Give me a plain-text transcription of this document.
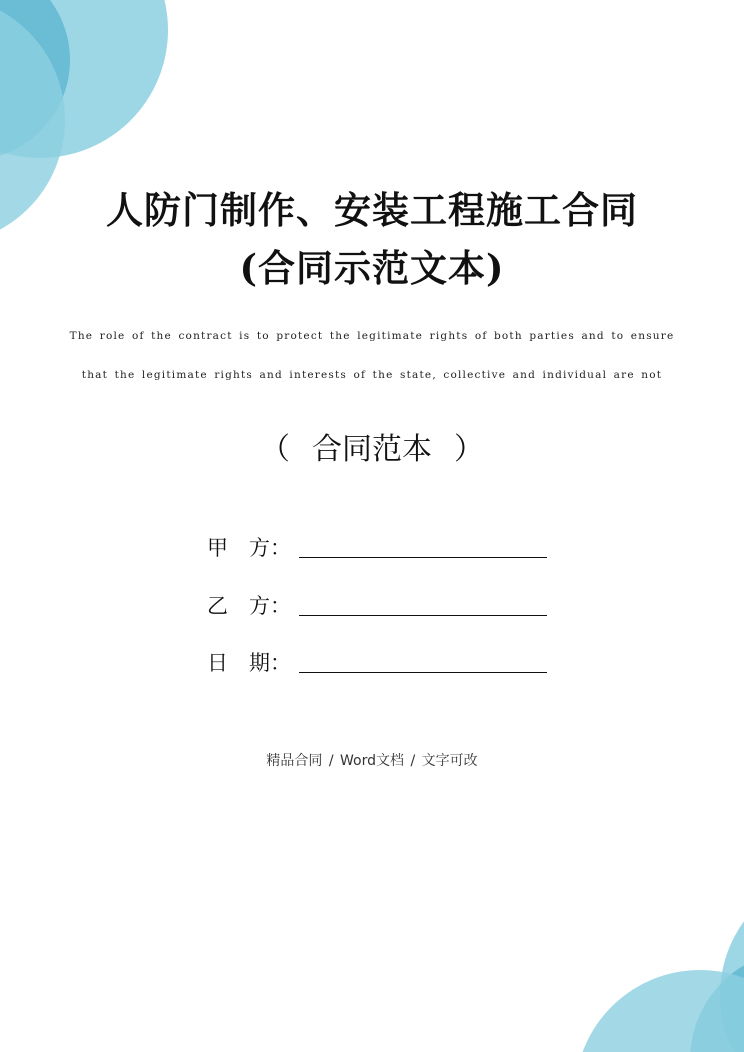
人防门制作、安装工程施工合同
(合同示范文本)
The role of the contract is to protect the legitimate rights of both parties and to ensure
that the legitimate rights and interests of the state, collective and individual are not
（ 合同范本 ）
甲　方：
乙　方：
日　期：
精品合同 / Word文档 / 文字可改
